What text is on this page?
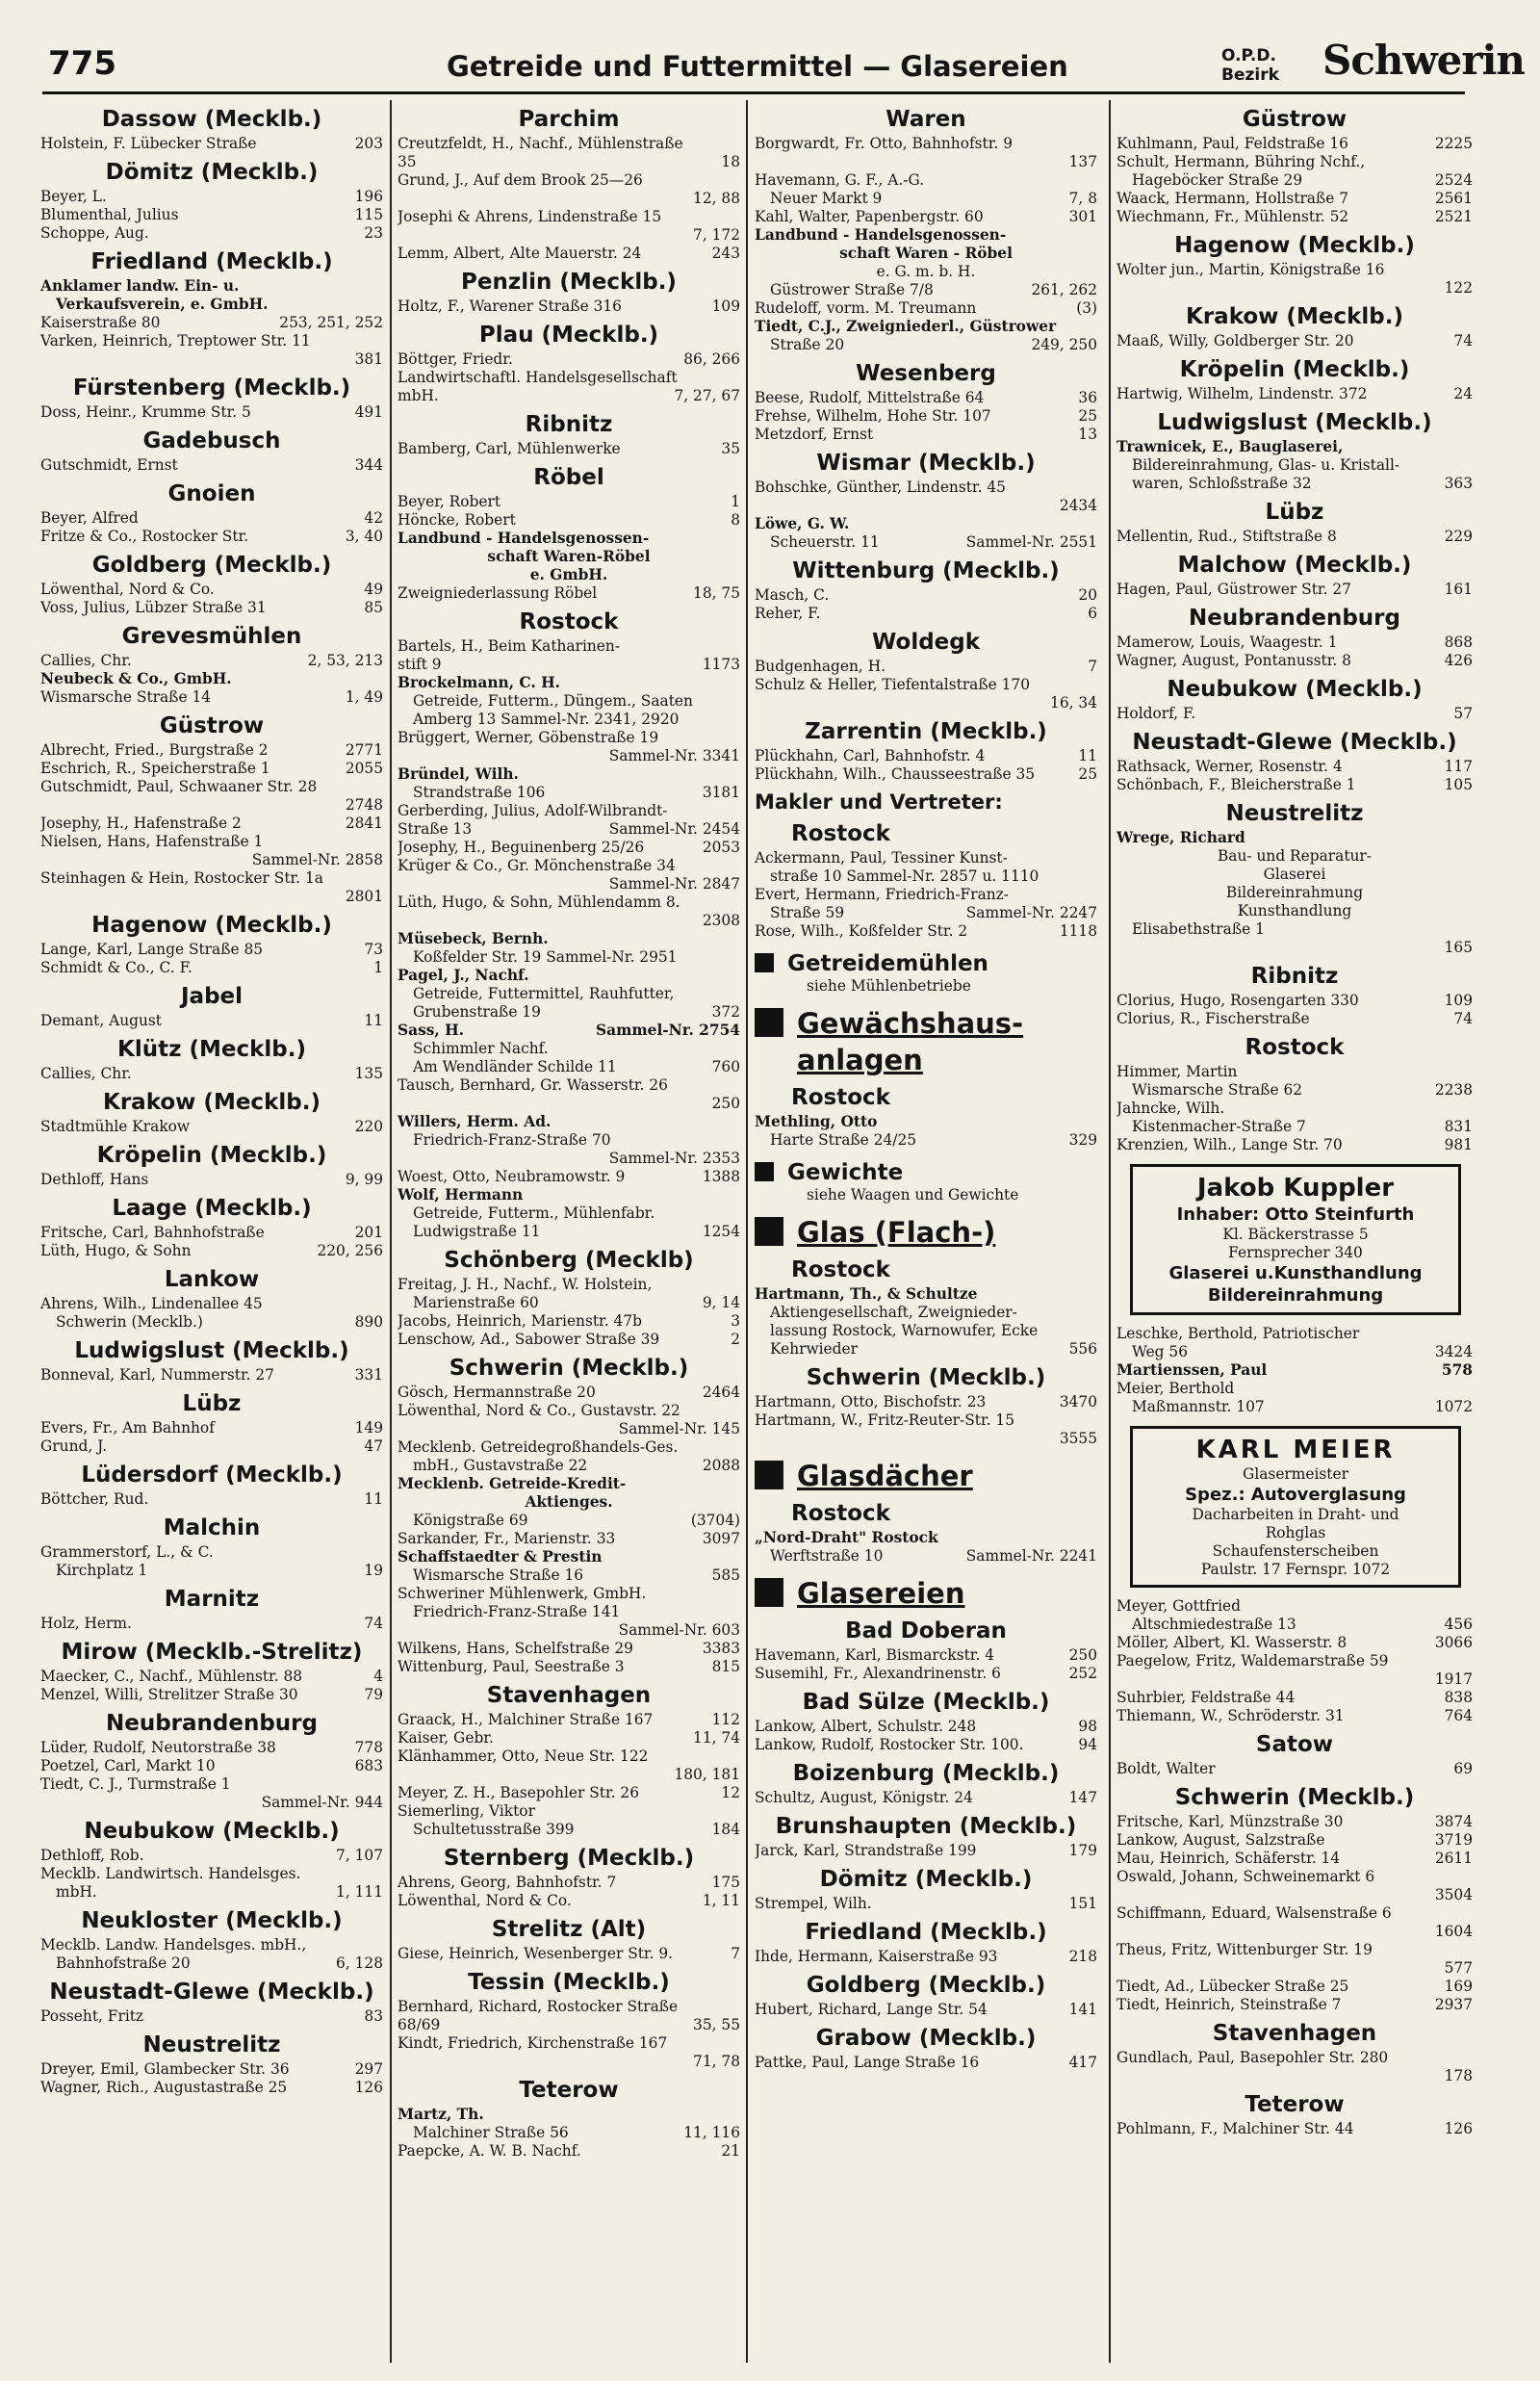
775	Getreide und Futtermittel — Glasereien	O.P.D.
Bezirk Schwerin
Dassow (Mecklb.)
Holstein, F. Lübecker Straße	203
Dömitz (Mecklb.)
Beyer, L.	196
Blumenthal, Julius	115
Schoppe, Aug.	23
Friedland (Mecklb.)
Anklamer landw. Ein- u.
Verkaufsverein, e. GmbH.
Kaiserstraße 80	253, 251, 252
Varken, Heinrich, Treptower Str. 11
381
Fürstenberg (Mecklb.)
Doss, Heinr., Krumme Str. 5	491
Gadebusch
Gutschmidt, Ernst	344
Gnoien
Beyer, Alfred	42
Fritze & Co., Rostocker Str.	3, 40
Goldberg (Mecklb.)
Löwenthal, Nord & Co.	49
Voss, Julius, Lübzer Straße 31	85
Grevesmühlen
Callies, Chr.	2, 53, 213
Neubeck & Co., GmbH.
Wismarsche Straße 14	1, 49
Güstrow
Albrecht, Fried., Burgstraße 2	2771
Eschrich, R., Speicherstraße 1	2055
Gutschmidt, Paul, Schwaaner Str. 28
2748
Josephy, H., Hafenstraße 2	2841
Nielsen, Hans, Hafenstraße 1
Sammel-Nr. 2858
Steinhagen & Hein, Rostocker Str. 1a
2801
Hagenow (Mecklb.)
Lange, Karl, Lange Straße 85	73
Schmidt & Co., C. F.	1
Jabel
Demant, August	11
Klütz (Mecklb.)
Callies, Chr.	135
Krakow (Mecklb.)
Stadtmühle Krakow	220
Kröpelin (Mecklb.)
Dethloff, Hans	9, 99
Laage (Mecklb.)
Fritsche, Carl, Bahnhofstraße	201
Lüth, Hugo, & Sohn	220, 256
Lankow
Ahrens, Wilh., Lindenallee 45
Schwerin (Mecklb.)	890
Ludwigslust (Mecklb.)
Bonneval, Karl, Nummerstr. 27	331
Lübz
Evers, Fr., Am Bahnhof	149
Grund, J.	47
Lüdersdorf (Mecklb.)
Böttcher, Rud.	11
Malchin
Grammerstorf, L., & C.
Kirchplatz 1	19
Marnitz
Holz, Herm.	74
Mirow (Mecklb.-Strelitz)
Maecker, C., Nachf., Mühlenstr. 88	4
Menzel, Willi, Strelitzer Straße 30	79
Neubrandenburg
Lüder, Rudolf, Neutorstraße 38	778
Poetzel, Carl, Markt 10	683
Tiedt, C. J., Turmstraße 1
Sammel-Nr. 944
Neubukow (Mecklb.)
Dethloff, Rob.	7, 107
Mecklb. Landwirtsch. Handelsges.
mbH.	1, 111
Neukloster (Mecklb.)
Mecklb. Landw. Handelsges. mbH.,
Bahnhofstraße 20	6, 128
Neustadt-Glewe (Mecklb.)
Posseht, Fritz	83
Neustrelitz
Dreyer, Emil, Glambecker Str. 36	297
Wagner, Rich., Augustastraße 25	126
Parchim
Creutzfeldt, H., Nachf., Mühlenstraße
35	18
Grund, J., Auf dem Brook 25—26
12, 88
Josephi & Ahrens, Lindenstraße 15
7, 172
Lemm, Albert, Alte Mauerstr. 24	243
Penzlin (Mecklb.)
Holtz, F., Warener Straße 316	109
Plau (Mecklb.)
Böttger, Friedr.	86, 266
Landwirtschaftl. Handelsgesellschaft
mbH.	7, 27, 67
Ribnitz
Bamberg, Carl, Mühlenwerke	35
Röbel
Beyer, Robert	1
Höncke, Robert	8
Landbund - Handelsgenossen-
schaft Waren-Röbel
e. GmbH.
Zweigniederlassung Röbel	18, 75
Rostock
Bartels, H., Beim Katharinen-
stift 9	1173
Brockelmann, C. H.
Getreide, Futterm., Düngem., Saaten
Amberg 13 Sammel-Nr. 2341, 2920
Brüggert, Werner, Göbenstraße 19
Sammel-Nr. 3341
Bründel, Wilh.
Strandstraße 106	3181
Gerberding, Julius, Adolf-Wilbrandt-
Straße 13	Sammel-Nr. 2454
Josephy, H., Beguinenberg 25/26	2053
Krüger & Co., Gr. Mönchenstraße 34
Sammel-Nr. 2847
Lüth, Hugo, & Sohn, Mühlendamm 8.
2308
Müsebeck, Bernh.
Koßfelder Str. 19 Sammel-Nr. 2951
Pagel, J., Nachf.
Getreide, Futtermittel, Rauhfutter,
Grubenstraße 19	372
Sass, H.	Sammel-Nr. 2754
Schimmler Nachf.
Am Wendländer Schilde 11	760
Tausch, Bernhard, Gr. Wasserstr. 26
250
Willers, Herm. Ad.
Friedrich-Franz-Straße 70
Sammel-Nr. 2353
Woest, Otto, Neubramowstr. 9	1388
Wolf, Hermann
Getreide, Futterm., Mühlenfabr.
Ludwigstraße 11	1254
Schönberg (Mecklb)
Freitag, J. H., Nachf., W. Holstein,
Marienstraße 60	9, 14
Jacobs, Heinrich, Marienstr. 47b	3
Lenschow, Ad., Sabower Straße 39	2
Schwerin (Mecklb.)
Gösch, Hermannstraße 20	2464
Löwenthal, Nord & Co., Gustavstr. 22
Sammel-Nr. 145
Mecklenb. Getreidegroßhandels-Ges.
mbH., Gustavstraße 22	2088
Mecklenb. Getreide-Kredit-
Aktienges.
Königstraße 69	(3704)
Sarkander, Fr., Marienstr. 33	3097
Schaffstaedter & Prestin
Wismarsche Straße 16	585
Schweriner Mühlenwerk, GmbH.
Friedrich-Franz-Straße 141
Sammel-Nr. 603
Wilkens, Hans, Schelfstraße 29	3383
Wittenburg, Paul, Seestraße 3	815
Stavenhagen
Graack, H., Malchiner Straße 167	112
Kaiser, Gebr.	11, 74
Klänhammer, Otto, Neue Str. 122
180, 181
Meyer, Z. H., Basepohler Str. 26	12
Siemerling, Viktor
Schultetusstraße 399	184
Sternberg (Mecklb.)
Ahrens, Georg, Bahnhofstr. 7	175
Löwenthal, Nord & Co.	1, 11
Strelitz (Alt)
Giese, Heinrich, Wesenberger Str. 9.	7
Tessin (Mecklb.)
Bernhard, Richard, Rostocker Straße
68/69	35, 55
Kindt, Friedrich, Kirchenstraße 167
71, 78
Teterow
Martz, Th.
Malchiner Straße 56	11, 116
Paepcke, A. W. B. Nachf.	21
Waren
Borgwardt, Fr. Otto, Bahnhofstr. 9
137
Havemann, G. F., A.-G.
Neuer Markt 9	7, 8
Kahl, Walter, Papenbergstr. 60	301
Landbund - Handelsgenossen-
schaft Waren - Röbel
e. G. m. b. H.
Güstrower Straße 7/8	261, 262
Rudeloff, vorm. M. Treumann	(3)
Tiedt, C.J., Zweigniederl., Güstrower
Straße 20	249, 250
Wesenberg
Beese, Rudolf, Mittelstraße 64	36
Frehse, Wilhelm, Hohe Str. 107	25
Metzdorf, Ernst	13
Wismar (Mecklb.)
Bohschke, Günther, Lindenstr. 45
2434
Löwe, G. W.
Scheuerstr. 11	Sammel-Nr. 2551
Wittenburg (Mecklb.)
Masch, C.	20
Reher, F.	6
Woldegk
Budgenhagen, H.	7
Schulz & Heller, Tiefentalstraße 170
16, 34
Zarrentin (Mecklb.)
Plückhahn, Carl, Bahnhofstr. 4	11
Plückhahn, Wilh., Chausseestraße 35	25
Makler und Vertreter:
Rostock
Ackermann, Paul, Tessiner Kunst-
straße 10 Sammel-Nr. 2857 u. 1110
Evert, Hermann, Friedrich-Franz-
Straße 59	Sammel-Nr. 2247
Rose, Wilh., Koßfelder Str. 2	1118
Getreidemühlen
siehe Mühlenbetriebe
Gewächshaus-
anlagen
Rostock
Methling, Otto
Harte Straße 24/25	329
Gewichte
siehe Waagen und Gewichte
Glas (Flach-)
Rostock
Hartmann, Th., & Schultze
Aktiengesellschaft, Zweignieder-
lassung Rostock, Warnowufer, Ecke
Kehrwieder	556
Schwerin (Mecklb.)
Hartmann, Otto, Bischofstr. 23	3470
Hartmann, W., Fritz-Reuter-Str. 15
3555
Glasdächer
Rostock
„Nord-Draht" Rostock
Werftstraße 10	Sammel-Nr. 2241
Glasereien
Bad Doberan
Havemann, Karl, Bismarckstr. 4	250
Susemihl, Fr., Alexandrinenstr. 6	252
Bad Sülze (Mecklb.)
Lankow, Albert, Schulstr. 248	98
Lankow, Rudolf, Rostocker Str. 100.	94
Boizenburg (Mecklb.)
Schultz, August, Königstr. 24	147
Brunshaupten (Mecklb.)
Jarck, Karl, Strandstraße 199	179
Dömitz (Mecklb.)
Strempel, Wilh.	151
Friedland (Mecklb.)
Ihde, Hermann, Kaiserstraße 93	218
Goldberg (Mecklb.)
Hubert, Richard, Lange Str. 54	141
Grabow (Mecklb.)
Pattke, Paul, Lange Straße 16	417
Güstrow
Kuhlmann, Paul, Feldstraße 16	2225
Schult, Hermann, Bühring Nchf.,
Hageböcker Straße 29	2524
Waack, Hermann, Hollstraße 7	2561
Wiechmann, Fr., Mühlenstr. 52	2521
Hagenow (Mecklb.)
Wolter jun., Martin, Königstraße 16
122
Krakow (Mecklb.)
Maaß, Willy, Goldberger Str. 20	74
Kröpelin (Mecklb.)
Hartwig, Wilhelm, Lindenstr. 372	24
Ludwigslust (Mecklb.)
Trawnicek, E., Bauglaserei,
Bildereinrahmung, Glas- u. Kristall-
waren, Schloßstraße 32	363
Lübz
Mellentin, Rud., Stiftstraße 8	229
Malchow (Mecklb.)
Hagen, Paul, Güstrower Str. 27	161
Neubrandenburg
Mamerow, Louis, Waagestr. 1	868
Wagner, August, Pontanusstr. 8	426
Neubukow (Mecklb.)
Holdorf, F.	57
Neustadt-Glewe (Mecklb.)
Rathsack, Werner, Rosenstr. 4	117
Schönbach, F., Bleicherstraße 1	105
Neustrelitz
Wrege, Richard
Bau- und Reparatur-
Glaserei
Bildereinrahmung
Kunsthandlung
Elisabethstraße 1
165
Ribnitz
Clorius, Hugo, Rosengarten 330	109
Clorius, R., Fischerstraße	74
Rostock
Himmer, Martin
Wismarsche Straße 62	2238
Jahncke, Wilh.
Kistenmacher-Straße 7	831
Krenzien, Wilh., Lange Str. 70	981
Jakob Kuppler
Inhaber: Otto Steinfurth
Kl. Bäckerstrasse 5
Fernsprecher 340
Glaserei u.Kunsthandlung
Bildereinrahmung
Leschke, Berthold, Patriotischer
Weg 56	3424
Martienssen, Paul	578
Meier, Berthold
Maßmannstr. 107	1072
KARL MEIER
Glasermeister
Spez.: Autoverglasung
Dacharbeiten in Draht- und
Rohglas
Schaufensterscheiben
Paulstr. 17 Fernspr. 1072
Meyer, Gottfried
Altschmiedestraße 13	456
Möller, Albert, Kl. Wasserstr. 8	3066
Paegelow, Fritz, Waldemarstraße 59
1917
Suhrbier, Feldstraße 44	838
Thiemann, W., Schröderstr. 31	764
Satow
Boldt, Walter	69
Schwerin (Mecklb.)
Fritsche, Karl, Münzstraße 30	3874
Lankow, August, Salzstraße	3719
Mau, Heinrich, Schäferstr. 14	2611
Oswald, Johann, Schweinemarkt 6
3504
Schiffmann, Eduard, Walsenstraße 6
1604
Theus, Fritz, Wittenburger Str. 19
577
Tiedt, Ad., Lübecker Straße 25	169
Tiedt, Heinrich, Steinstraße 7	2937
Stavenhagen
Gundlach, Paul, Basepohler Str. 280
178
Teterow
Pohlmann, F., Malchiner Str. 44	126
